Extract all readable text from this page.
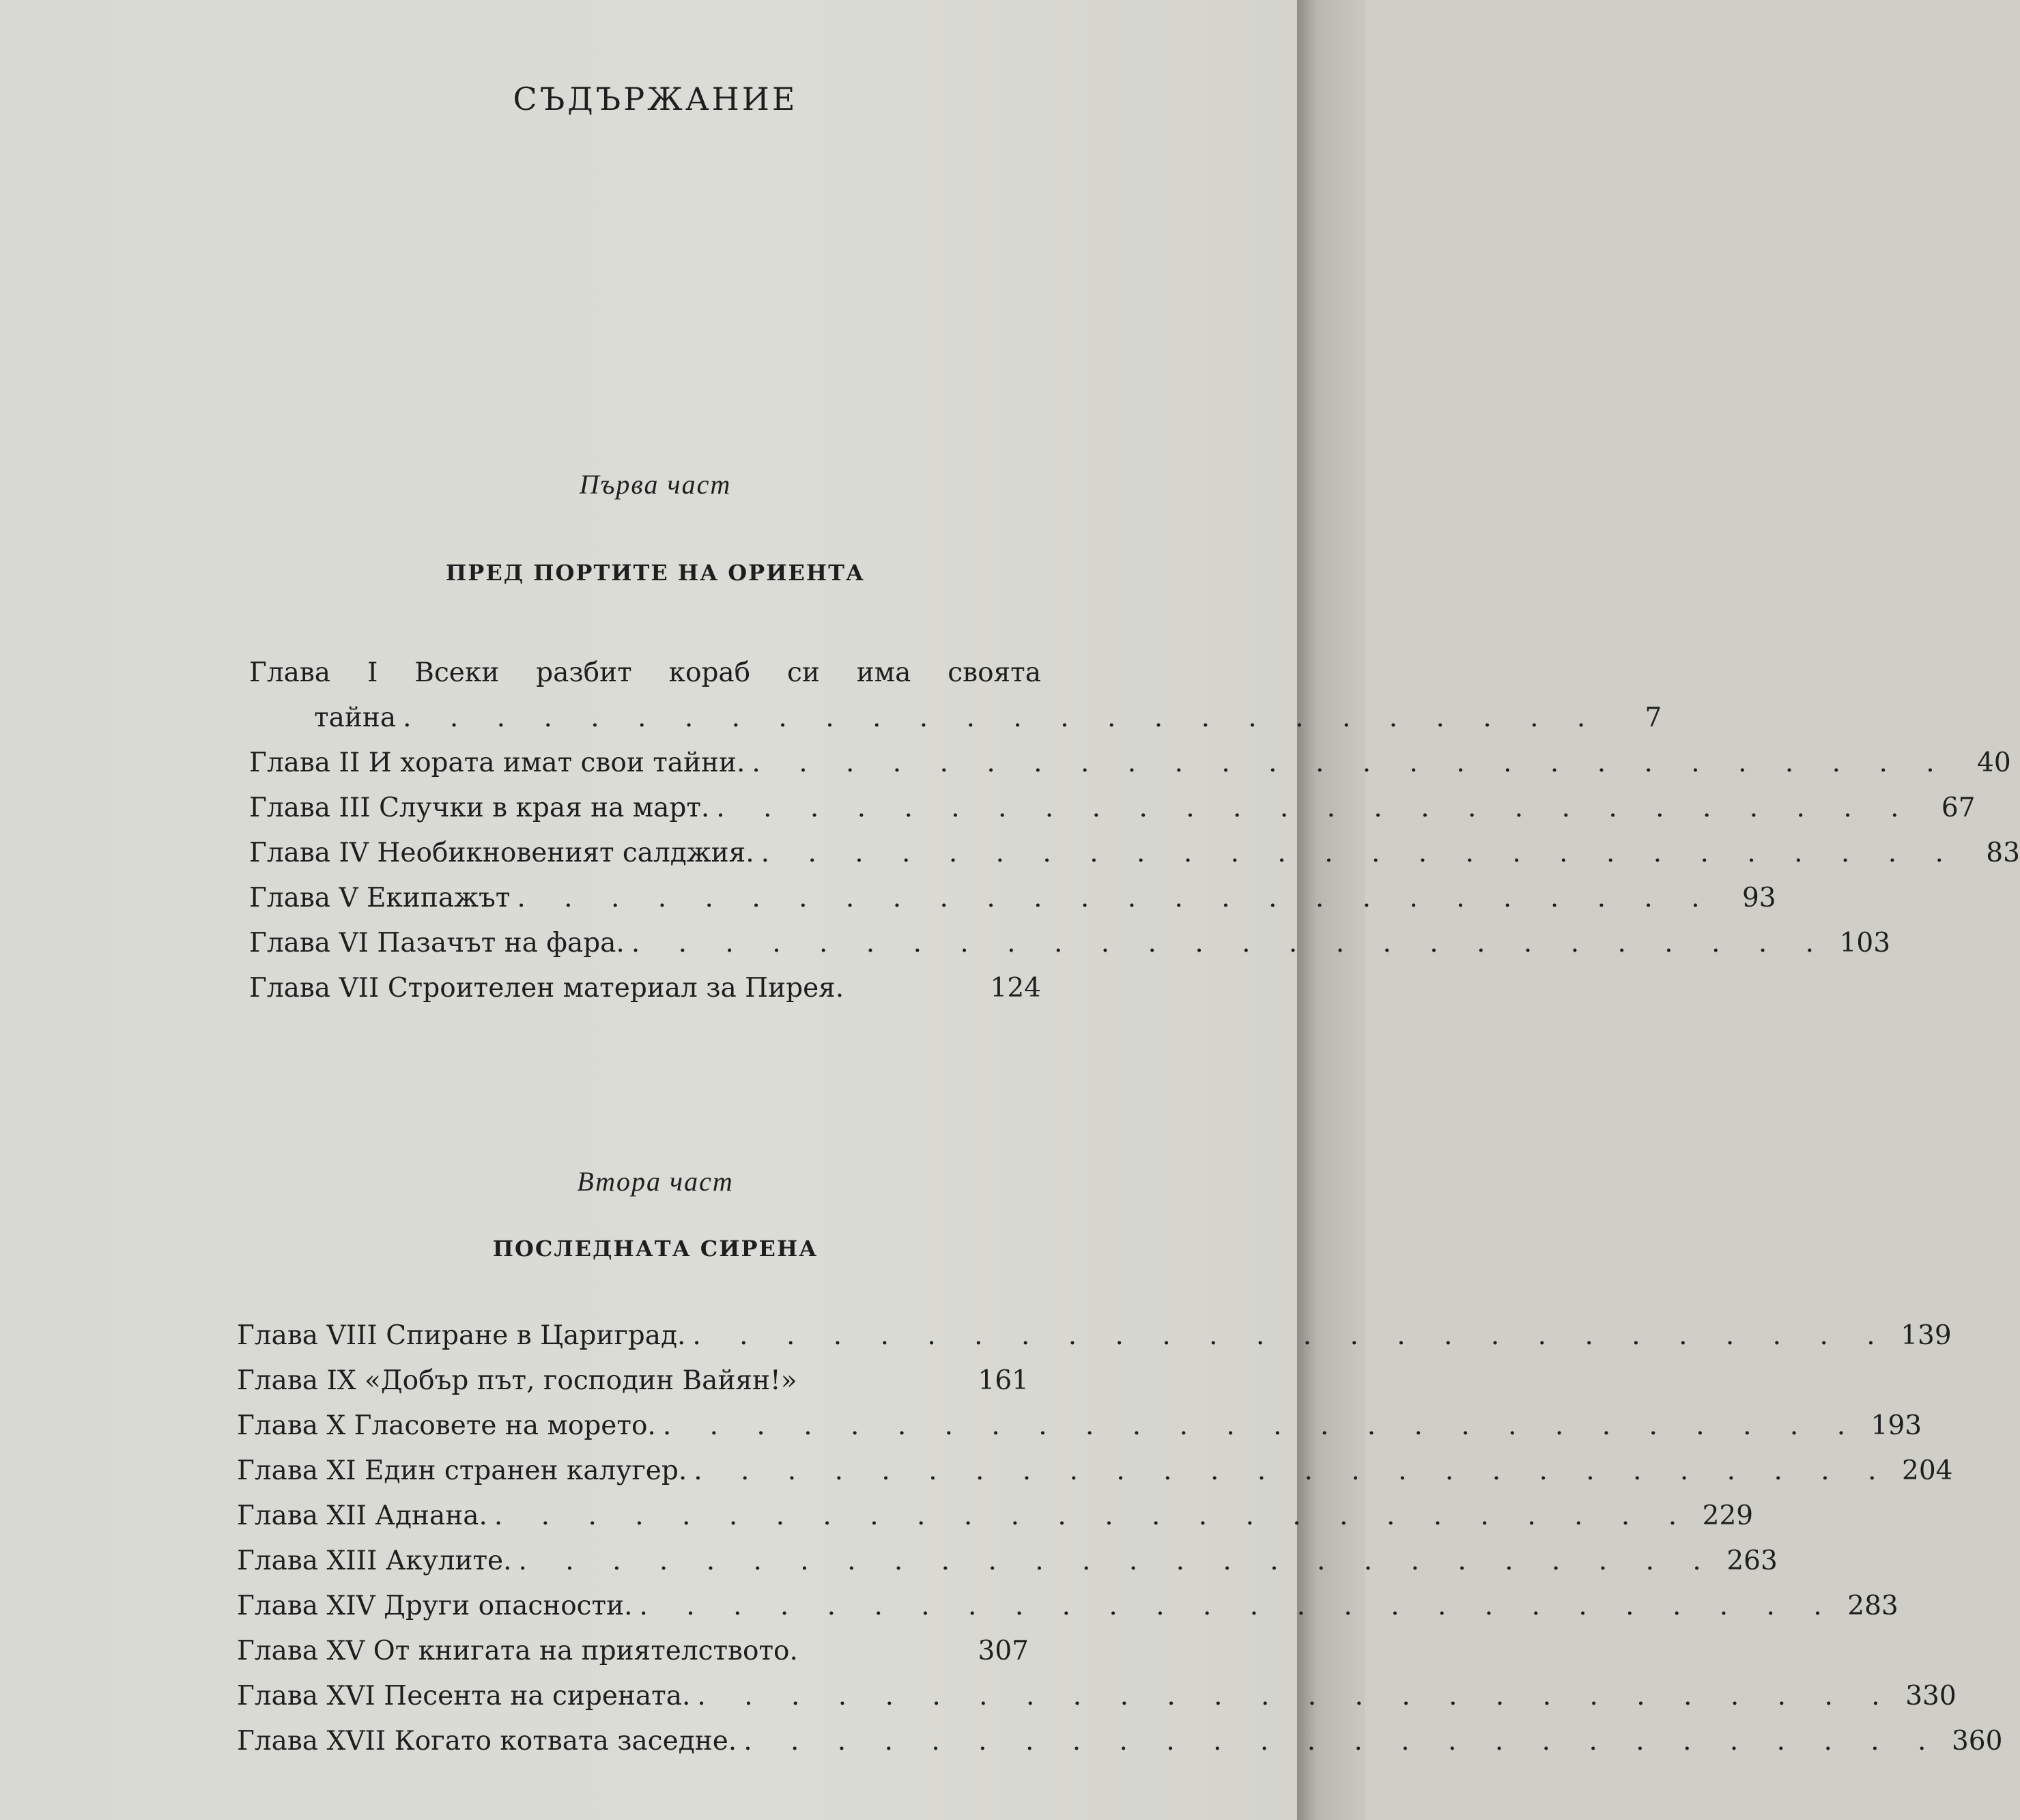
СЪДЪРЖАНИЕ
Първа част
ПРЕД ПОРТИТЕ НА ОРИЕНТА
Глава I Всеки разбит кораб си има своята
тайна . . . . . . . . . . . . . . . . . . . . . . . . . .	7
Глава II И хората имат свои тайни. . . . . . . . . . . . . . . . . . . . . . . . . . .	40
Глава III Случки в края на март. . . . . . . . . . . . . . . . . . . . . . . . . . .	67
Глава IV Необикновеният салджия. . . . . . . . . . . . . . . . . . . . . . . . . . .	83
Глава V Екипажът . . . . . . . . . . . . . . . . . . . . . . . . . .	93
Глава VI Пазачът на фара. . . . . . . . . . . . . . . . . . . . . . . . . . . 103
Глава VII Строителен материал за Пирея.	124
Втора част
ПОСЛЕДНАТА СИРЕНА
Глава VIII Спиране в Цариград. . . . . . . . . . . . . . . . . . . . . . . . . . . 139
Глава IX «Добър път, господин Вайян!»	161
Глава X Гласовете на морето. . . . . . . . . . . . . . . . . . . . . . . . . . . 193
Глава XI Един странен калугер. . . . . . . . . . . . . . . . . . . . . . . . . . . 204
Глава XII Аднана. . . . . . . . . . . . . . . . . . . . . . . . . . . 229
Глава XIII Акулите. . . . . . . . . . . . . . . . . . . . . . . . . . . 263
Глава XIV Други опасности. . . . . . . . . . . . . . . . . . . . . . . . . . . 283
Глава XV От книгата на приятелството.	307
Глава XVI Песента на сирената. . . . . . . . . . . . . . . . . . . . . . . . . . . 330
Глава XVII Когато котвата заседне. . . . . . . . . . . . . . . . . . . . . . . . . . . 360
